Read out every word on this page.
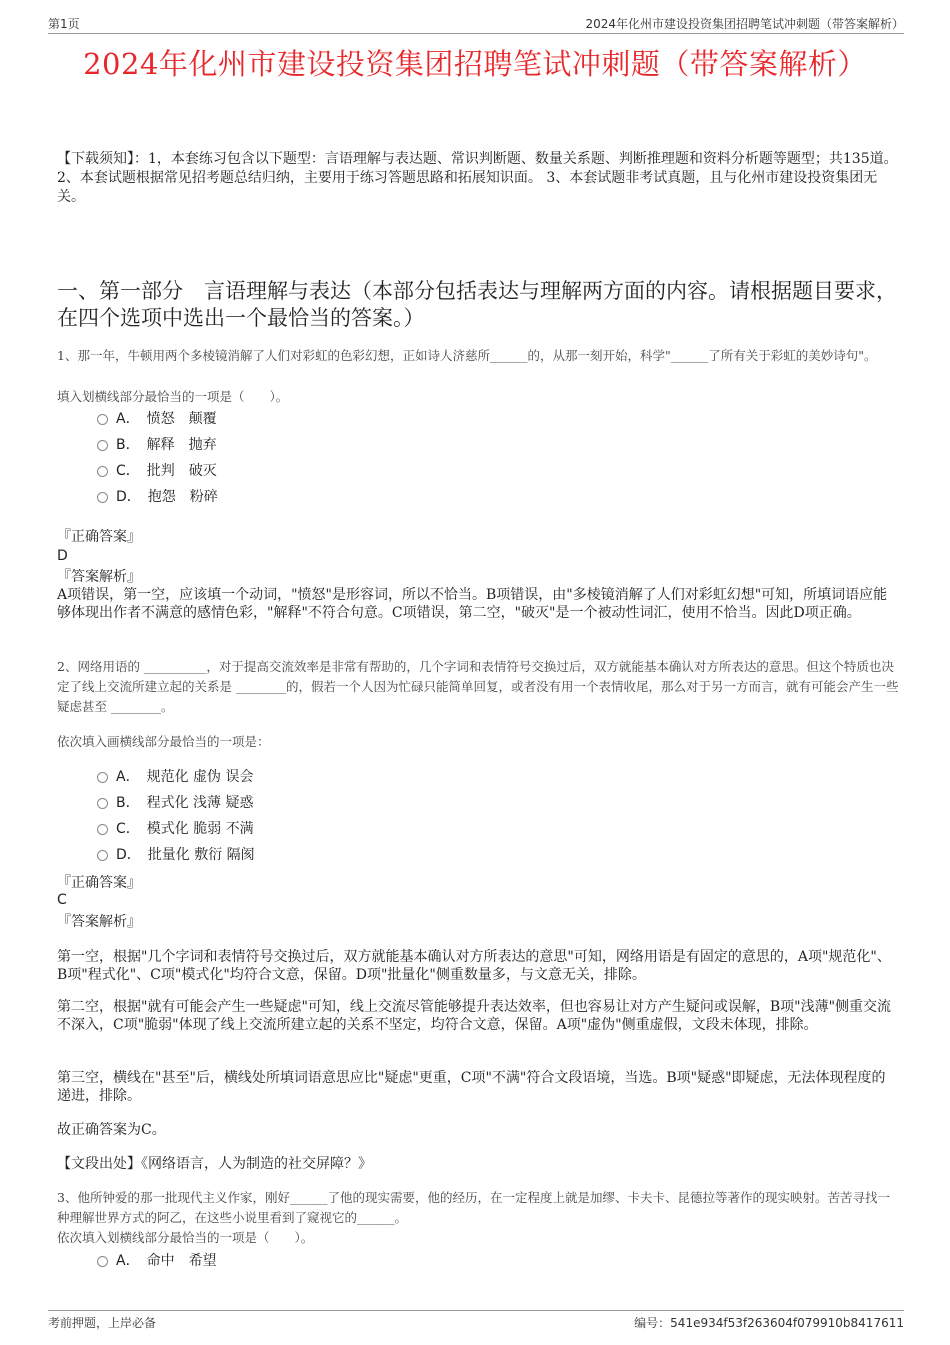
第1页	2024年化州市建设投资集团招聘笔试冲刺题（带答案解析）
2024年化州市建设投资集团招聘笔试冲刺题（带答案解析）
【下载须知】：1，本套练习包含以下题型：言语理解与表达题、常识判断题、数量关系题、判断推理题和资料分析题等题型；共135道。 2、本套试题根据常见招考题总结归纳，主要用于练习答题思路和拓展知识面。 3、本套试题非考试真题，且与化州市建设投资集团无关。
一、第一部分　言语理解与表达（本部分包括表达与理解两方面的内容。请根据题目要求，在四个选项中选出一个最恰当的答案。）
1、那一年，牛顿用两个多棱镜消解了人们对彩虹的色彩幻想，正如诗人济慈所______的，从那一刻开始，科学"______了所有关于彩虹的美妙诗句"。
填入划横线部分最恰当的一项是（　　）。
A．　愤怒　颠覆
B．　解释　抛弃
C．　批判　破灭
D．　抱怨　粉碎
『正确答案』
D
『答案解析』
A项错误，第一空，应该填一个动词，"愤怒"是形容词，所以不恰当。B项错误，由"多棱镜消解了人们对彩虹幻想"可知，所填词语应能够体现出作者不满意的感情色彩，"解释"不符合句意。C项错误，第二空，"破灭"是一个被动性词汇，使用不恰当。因此D项正确。
2、网络用语的 __________，对于提高交流效率是非常有帮助的，几个字词和表情符号交换过后，双方就能基本确认对方所表达的意思。但这个特质也决定了线上交流所建立起的关系是 ________的，假若一个人因为忙碌只能简单回复，或者没有用一个表情收尾，那么对于另一方而言，就有可能会产生一些疑虑甚至 ________。
依次填入画横线部分最恰当的一项是：
A．　规范化 虚伪 误会
B．　程式化 浅薄 疑惑
C．　模式化 脆弱 不满
D．　批量化 敷衍 隔阂
『正确答案』
C
『答案解析』
第一空，根据"几个字词和表情符号交换过后，双方就能基本确认对方所表达的意思"可知，网络用语是有固定的意思的，A项"规范化"、B项"程式化"、C项"模式化"均符合文意，保留。D项"批量化"侧重数量多，与文意无关，排除。
第二空，根据"就有可能会产生一些疑虑"可知，线上交流尽管能够提升表达效率，但也容易让对方产生疑问或误解，B项"浅薄"侧重交流不深入，C项"脆弱"体现了线上交流所建立起的关系不坚定，均符合文意，保留。A项"虚伪"侧重虚假，文段未体现，排除。
第三空，横线在"甚至"后，横线处所填词语意思应比"疑虑"更重，C项"不满"符合文段语境，当选。B项"疑惑"即疑虑，无法体现程度的递进，排除。
故正确答案为C。
【文段出处】《网络语言，人为制造的社交屏障？》
3、他所钟爱的那一批现代主义作家，刚好______了他的现实需要，他的经历，在一定程度上就是加缪、卡夫卡、昆德拉等著作的现实映射。苦苦寻找一种理解世界方式的阿乙，在这些小说里看到了窥视它的______。
依次填入划横线部分最恰当的一项是（　　）。
A．　命中　希望
考前押题，上岸必备	编号：541e934f53f263604f079910b8417611
